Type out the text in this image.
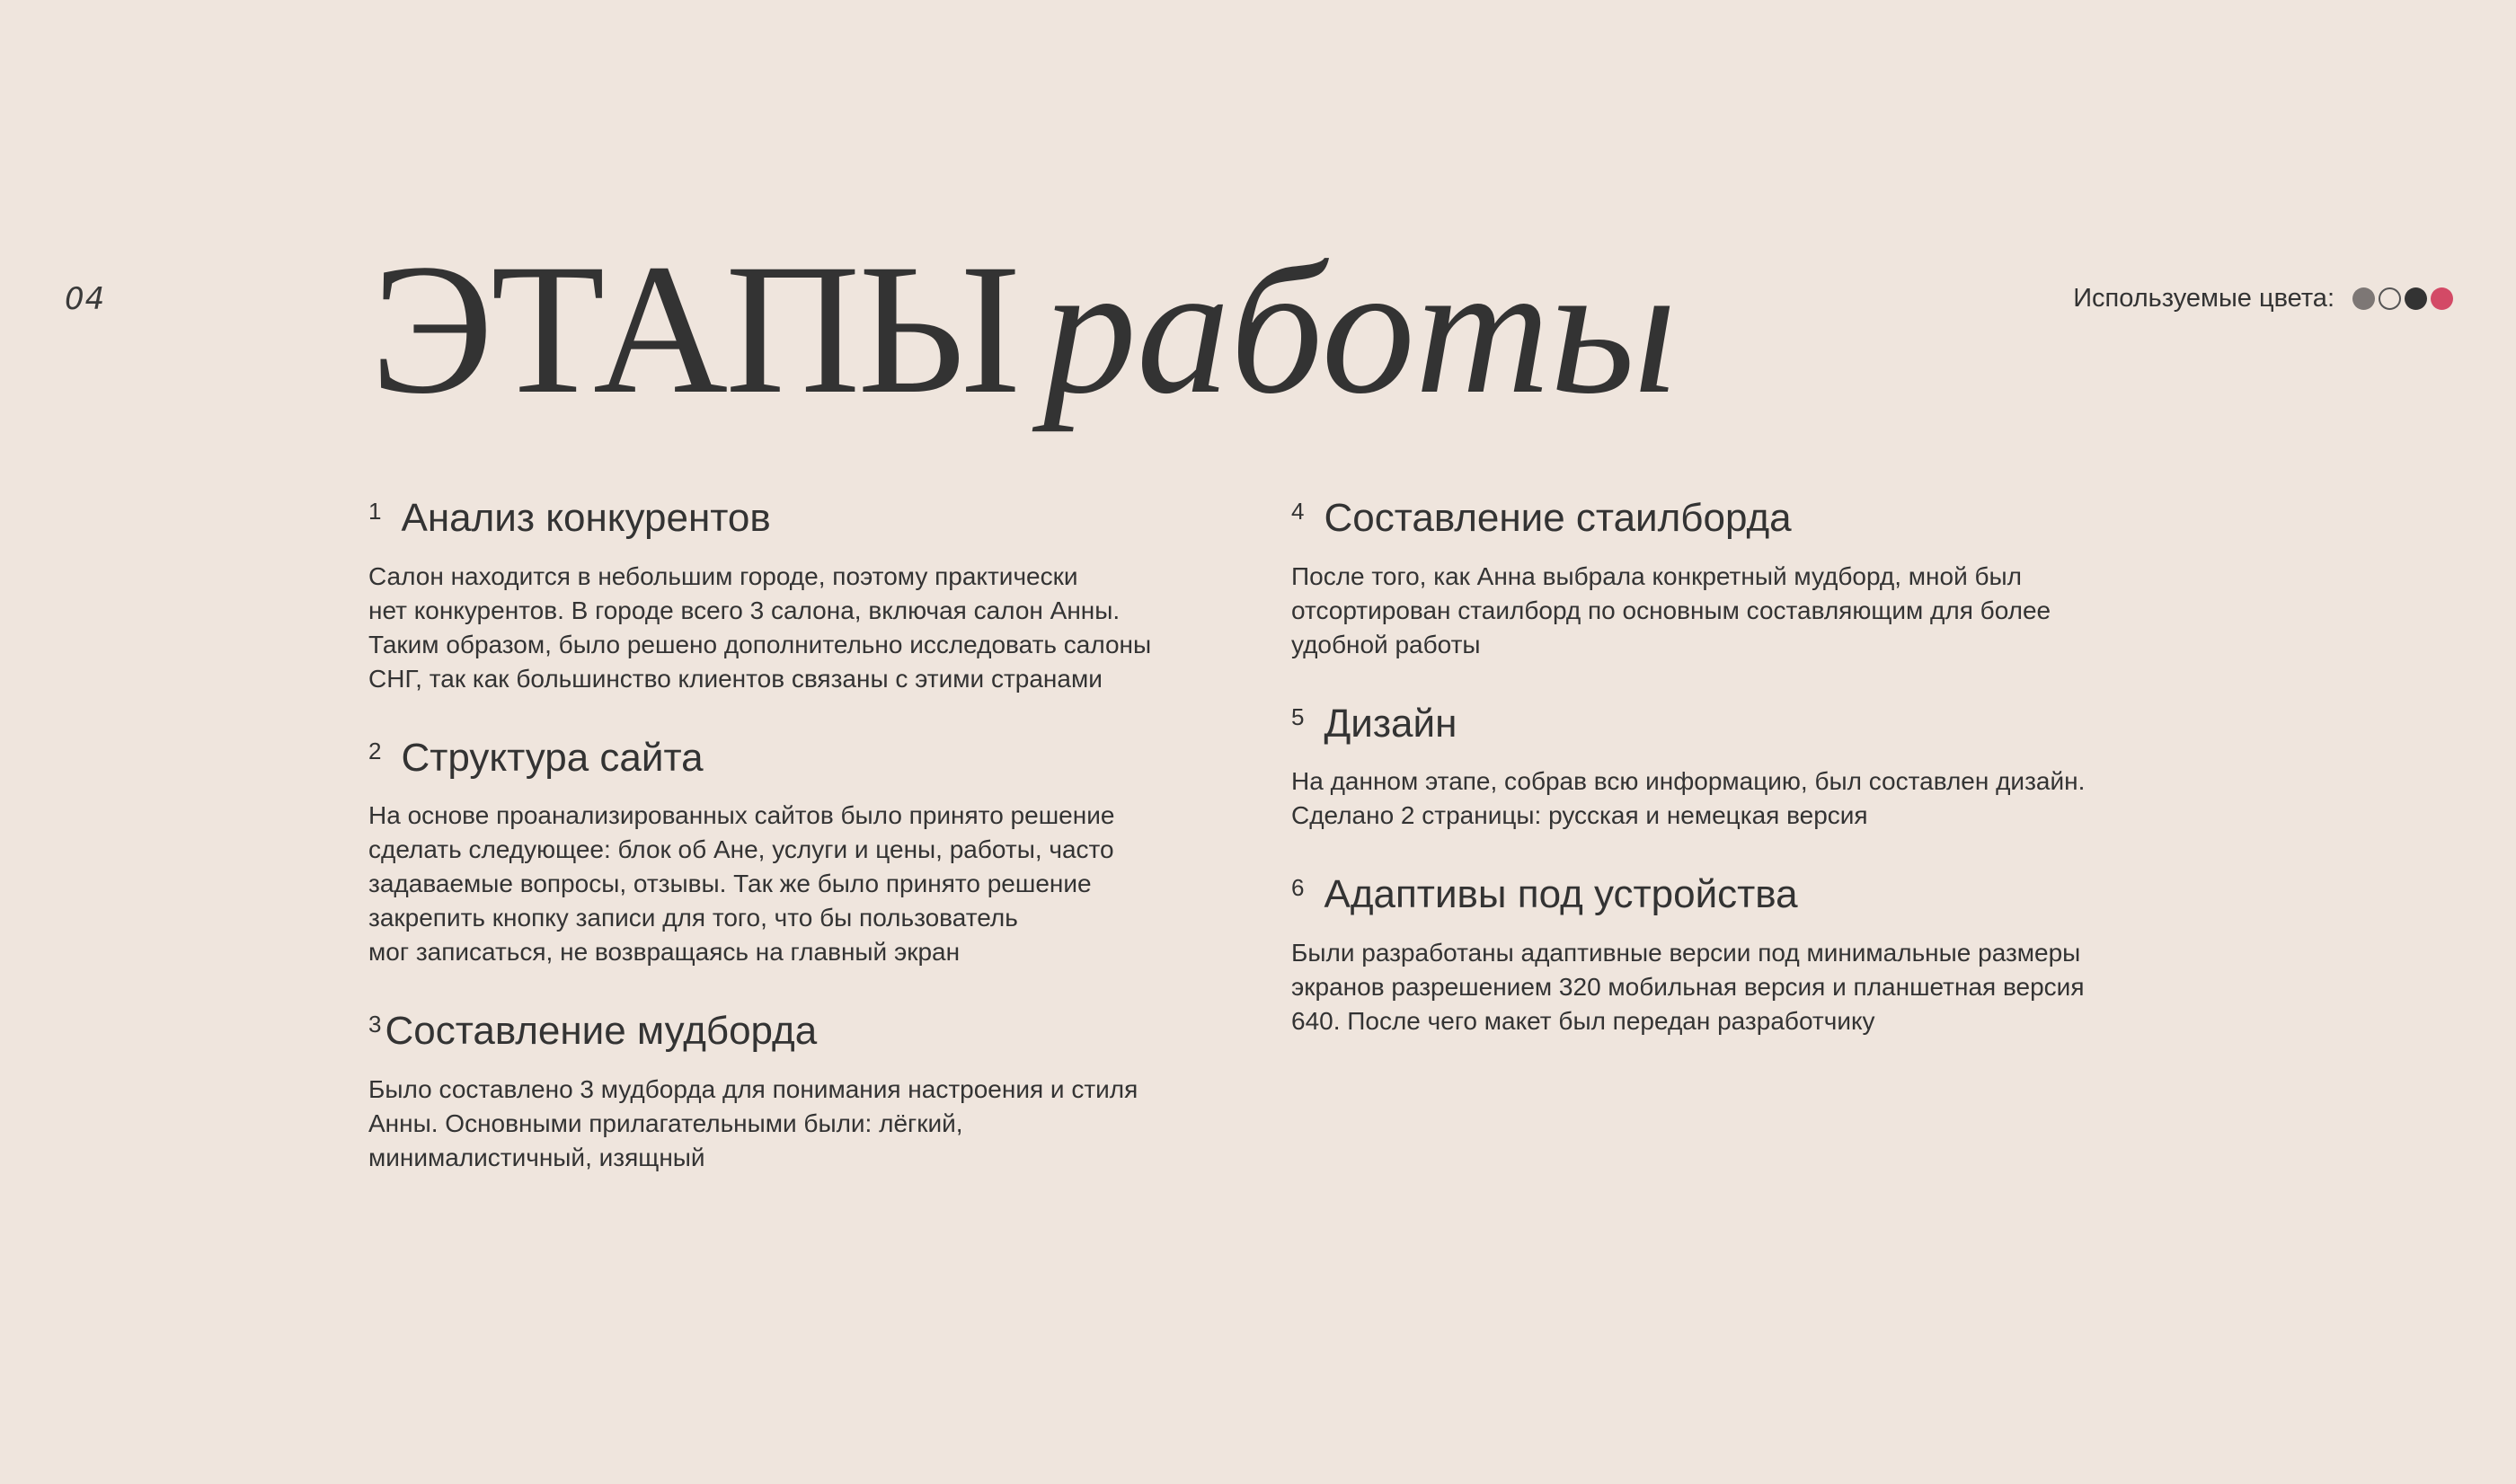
04 ЭТАПЫ работы	Используемые цвета:
1 Анализ конкурентов
Салон находится в небольшим городе, поэтому практически
нет конкурентов. В городе всего 3 салона, включая салон Анны.
Таким образом, было решено дополнительно исследовать салоны
СНГ, так как большинство клиентов связаны с этими странами
2 Структура сайта
На основе проанализированных сайтов было принято решение
сделать следующее: блок об Ане, услуги и цены, работы, часто
задаваемые вопросы, отзывы. Так же было принято решение
закрепить кнопку записи для того, что бы пользователь
мог записаться, не возвращаясь на главный экран
3 Составление мудборда
Было составлено 3 мудборда для понимания настроения и стиля
Анны. Основными прилагательными были: лёгкий,
минималистичный, изящный
4 Составление стаилборда
После того, как Анна выбрала конкретный мудборд, мной был
отсортирован стаилборд по основным составляющим для более
удобной работы
5 Дизайн
На данном этапе, собрав всю информацию, был составлен дизайн.
Сделано 2 страницы: русская и немецкая версия
6 Адаптивы под устройства
Были разработаны адаптивные версии под минимальные размеры
экранов разрешением 320 мобильная версия и планшетная версия
640. После чего макет был передан разработчику
